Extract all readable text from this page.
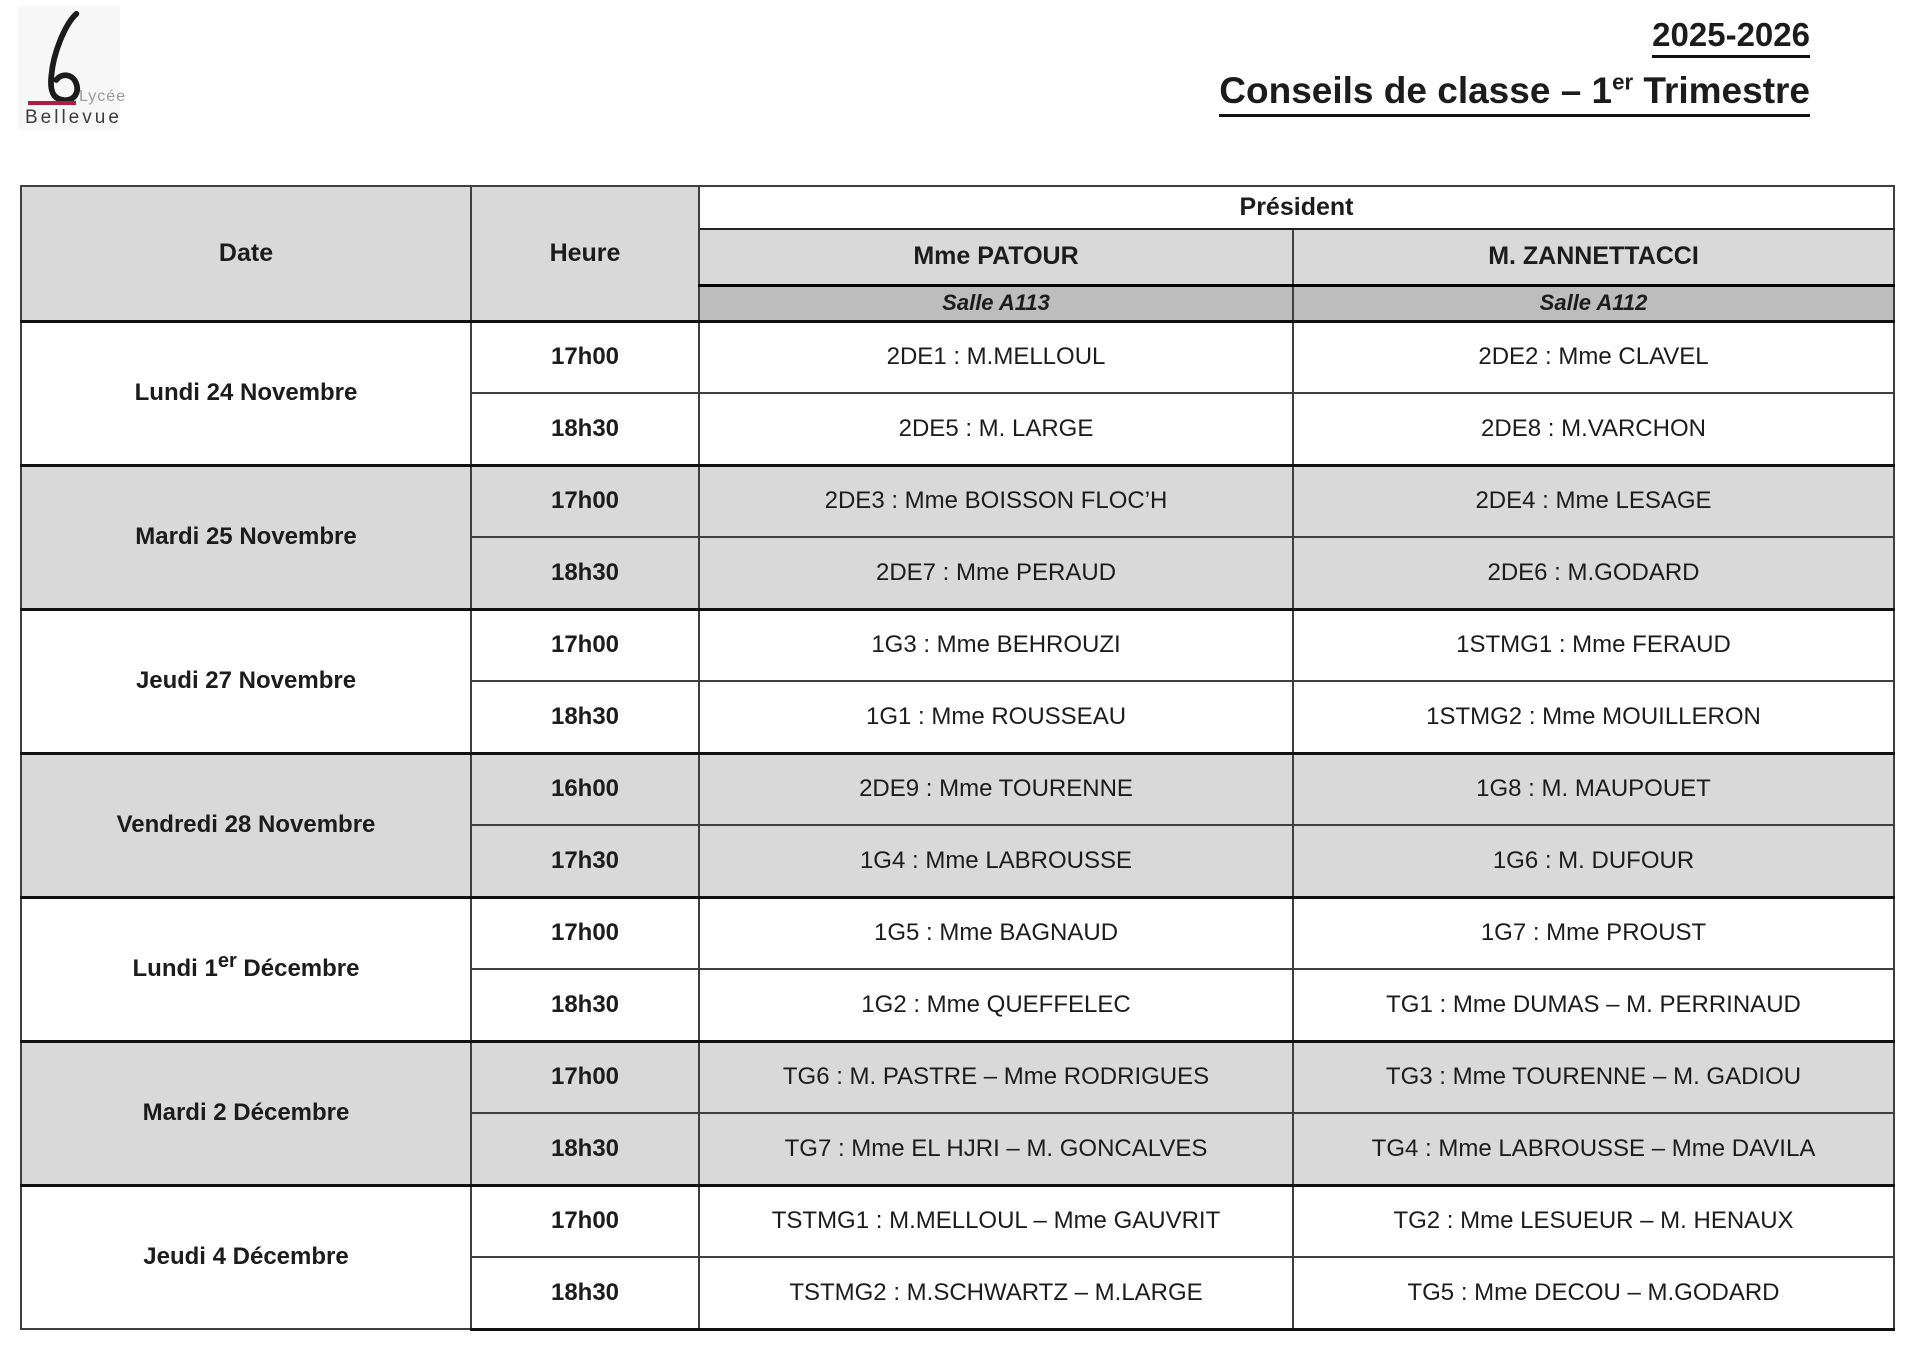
Lycée
Bellevue
2025-2026
Conseils de classe – 1er Trimestre
Date	Heure	Président	
		Mme PATOUR	M. ZANNETTACCI
		Salle A113	Salle A112
Lundi 24 Novembre	17h00	2DE1 : M.MELLOUL	2DE2 : Mme CLAVEL
	18h30	2DE5 : M. LARGE	2DE8 : M.VARCHON
Mardi 25 Novembre	17h00	2DE3 : Mme BOISSON FLOC’H	2DE4 : Mme LESAGE
	18h30	2DE7 : Mme PERAUD	2DE6 : M.GODARD
Jeudi 27 Novembre	17h00	1G3 : Mme BEHROUZI	1STMG1 : Mme FERAUD
	18h30	1G1 : Mme ROUSSEAU	1STMG2 : Mme MOUILLERON
Vendredi 28 Novembre	16h00	2DE9 : Mme TOURENNE	1G8 : M. MAUPOUET
	17h30	1G4 : Mme LABROUSSE	1G6 : M. DUFOUR
Lundi 1er Décembre	17h00	1G5 : Mme BAGNAUD	1G7 : Mme PROUST
	18h30	1G2 : Mme QUEFFELEC	TG1 : Mme DUMAS – M. PERRINAUD
Mardi 2 Décembre	17h00	TG6 : M. PASTRE – Mme RODRIGUES	TG3 : Mme TOURENNE – M. GADIOU
	18h30	TG7 : Mme EL HJRI – M. GONCALVES	TG4 : Mme LABROUSSE – Mme DAVILA
Jeudi 4 Décembre	17h00	TSTMG1 : M.MELLOUL – Mme GAUVRIT	TG2 : Mme LESUEUR – M. HENAUX
	18h30	TSTMG2 : M.SCHWARTZ – M.LARGE	TG5 : Mme DECOU – M.GODARD
